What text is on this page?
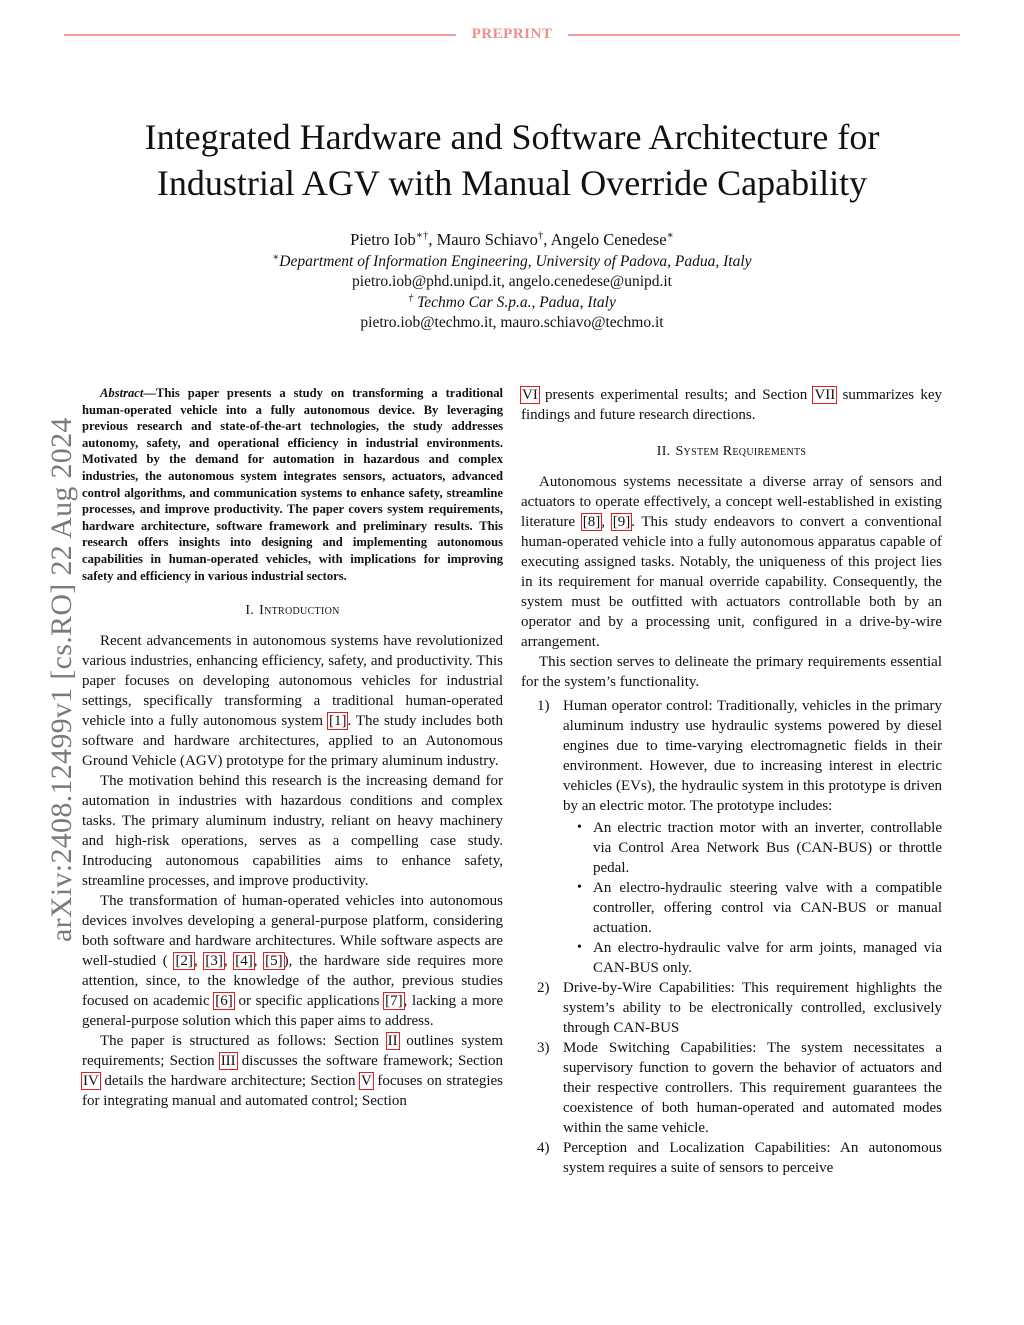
PREPRINT
arXiv:2408.12499v1 [cs.RO] 22 Aug 2024
Integrated Hardware and Software Architecture for
Industrial AGV with Manual Override Capability
Pietro Iob∗†, Mauro Schiavo†, Angelo Cenedese∗
∗Department of Information Engineering, University of Padova, Padua, Italy
pietro.iob@phd.unipd.it, angelo.cenedese@unipd.it
† Techmo Car S.p.a., Padua, Italy
pietro.iob@techmo.it, mauro.schiavo@techmo.it
Abstract—This paper presents a study on transforming a traditional human-operated vehicle into a fully autonomous device. By leveraging previous research and state-of-the-art technologies, the study addresses autonomy, safety, and operational efficiency in industrial environments. Motivated by the demand for automation in hazardous and complex industries, the autonomous system integrates sensors, actuators, advanced control algorithms, and communication systems to enhance safety, streamline processes, and improve productivity. The paper covers system requirements, hardware architecture, software framework and preliminary results. This research offers insights into designing and implementing autonomous capabilities in human-operated vehicles, with implications for improving safety and efficiency in various industrial sectors.
I. Introduction

Recent advancements in autonomous systems have revolutionized various industries, enhancing efficiency, safety, and productivity. This paper focuses on developing autonomous vehicles for industrial settings, specifically transforming a traditional human-operated vehicle into a fully autonomous system [1]. The study includes both software and hardware architectures, applied to an Autonomous Ground Vehicle (AGV) prototype for the primary aluminum industry.

The motivation behind this research is the increasing demand for automation in industries with hazardous conditions and complex tasks. The primary aluminum industry, reliant on heavy machinery and high-risk operations, serves as a compelling case study. Introducing autonomous capabilities aims to enhance safety, streamline processes, and improve productivity.

The transformation of human-operated vehicles into autonomous devices involves developing a general-purpose platform, considering both software and hardware architectures. While software aspects are well-studied ( [2], [3], [4], [5]), the hardware side requires more attention, since, to the knowledge of the author, previous studies focused on academic [6] or specific applications [7], lacking a more general-purpose solution which this paper aims to address.

The paper is structured as follows: Section II outlines system requirements; Section III discusses the software framework; Section IV details the hardware architecture; Section V focuses on strategies for integrating manual and automated control; Section

VI presents experimental results; and Section VII summarizes key findings and future research directions.

II. System Requirements

Autonomous systems necessitate a diverse array of sensors and actuators to operate effectively, a concept well-established in existing literature [8], [9]. This study endeavors to convert a conventional human-operated vehicle into a fully autonomous apparatus capable of executing assigned tasks. Notably, the uniqueness of this project lies in its requirement for manual override capability. Consequently, the system must be outfitted with actuators controllable both by an operator and by a processing unit, configured in a drive-by-wire arrangement.

This section serves to delineate the primary requirements essential for the system’s functionality.

1) Human operator control: Traditionally, vehicles in the primary aluminum industry use hydraulic systems powered by diesel engines due to time-varying electromagnetic fields in their environment. However, due to increasing interest in electric vehicles (EVs), the hydraulic system in this prototype is driven by an electric motor. The prototype includes:
• An electric traction motor with an inverter, controllable via Control Area Network Bus (CAN-BUS) or throttle pedal.
• An electro-hydraulic steering valve with a compatible controller, offering control via CAN-BUS or manual actuation.
• An electro-hydraulic valve for arm joints, managed via CAN-BUS only.
2) Drive-by-Wire Capabilities: This requirement highlights the system’s ability to be electronically controlled, exclusively through CAN-BUS
3) Mode Switching Capabilities: The system necessitates a supervisory function to govern the behavior of actuators and their respective controllers. This requirement guarantees the coexistence of both human-operated and automated modes within the same vehicle.
4) Perception and Localization Capabilities: An autonomous system requires a suite of sensors to perceive
